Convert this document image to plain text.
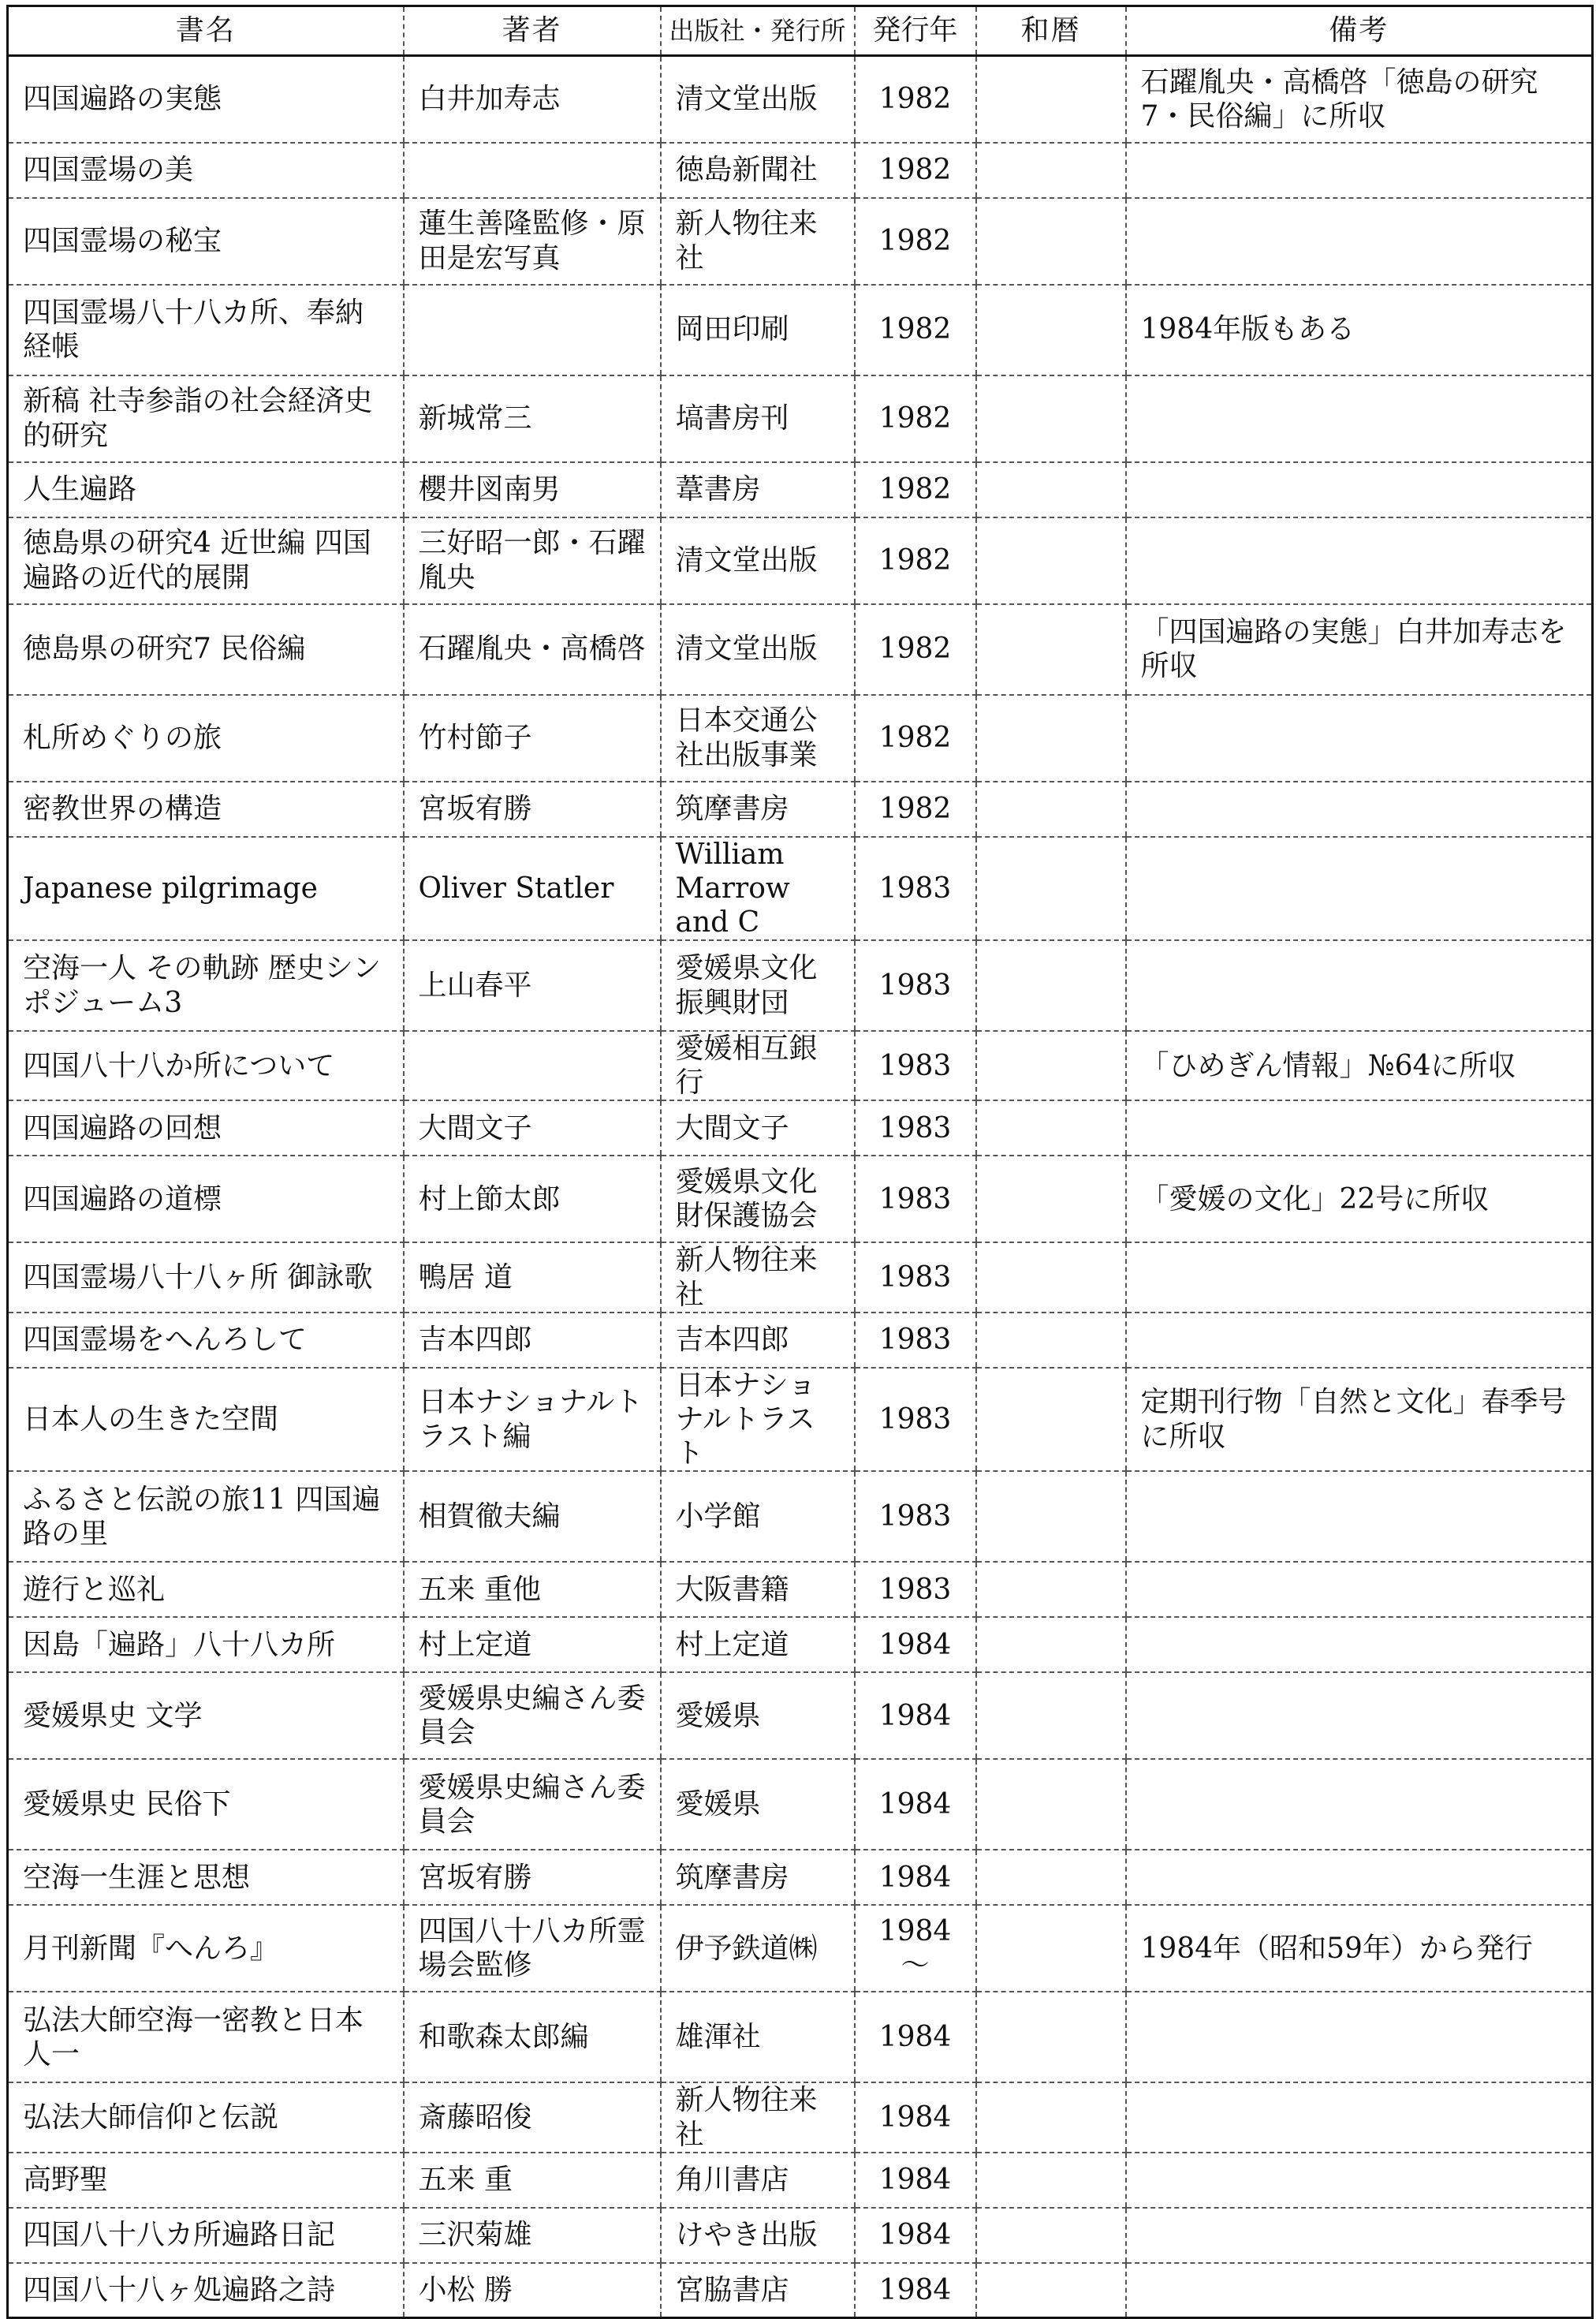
書名	著者	出版社・発行所	発行年	和暦	備考
四国遍路の実態	白井加寿志	清文堂出版	1982		石躍胤央・高橋啓「徳島の研究7・民俗編」に所収
四国霊場の美		徳島新聞社	1982		
四国霊場の秘宝	蓮生善隆監修・原田是宏写真	新人物往来社	1982		
四国霊場八十八カ所、奉納経帳		岡田印刷	1982		1984年版もある
新稿 社寺参詣の社会経済史的研究	新城常三	塙書房刊	1982		
人生遍路	櫻井図南男	葦書房	1982		
徳島県の研究4 近世編 四国遍路の近代的展開	三好昭一郎・石躍胤央	清文堂出版	1982		
徳島県の研究7 民俗編	石躍胤央・高橋啓	清文堂出版	1982		「四国遍路の実態」白井加寿志を所収
札所めぐりの旅	竹村節子	日本交通公社出版事業	1982		
密教世界の構造	宮坂宥勝	筑摩書房	1982		
Japanese pilgrimage	Oliver Statler	William Marrow and C	1983		
空海一人 その軌跡 歴史シンポジューム3	上山春平	愛媛県文化振興財団	1983		
四国八十八か所について		愛媛相互銀行	1983		「ひめぎん情報」№64に所収
四国遍路の回想	大間文子	大間文子	1983		
四国遍路の道標	村上節太郎	愛媛県文化財保護協会	1983		「愛媛の文化」22号に所収
四国霊場八十八ヶ所 御詠歌	鴨居 道	新人物往来社	1983		
四国霊場をへんろして	吉本四郎	吉本四郎	1983		
日本人の生きた空間	日本ナショナルトラスト編	日本ナショナルトラスト	1983		定期刊行物「自然と文化」春季号に所収
ふるさと伝説の旅11 四国遍路の里	相賀徹夫編	小学館	1983		
遊行と巡礼	五来 重他	大阪書籍	1983		
因島「遍路」八十八カ所	村上定道	村上定道	1984		
愛媛県史 文学	愛媛県史編さん委員会	愛媛県	1984		
愛媛県史 民俗下	愛媛県史編さん委員会	愛媛県	1984		
空海一生涯と思想	宮坂宥勝	筑摩書房	1984		
月刊新聞『へんろ』	四国八十八カ所霊場会監修	伊予鉄道㈱	1984～		1984年（昭和59年）から発行
弘法大師空海一密教と日本人一	和歌森太郎編	雄渾社	1984		
弘法大師信仰と伝説	斎藤昭俊	新人物往来社	1984		
高野聖	五来 重	角川書店	1984		
四国八十八カ所遍路日記	三沢菊雄	けやき出版	1984		
四国八十八ヶ処遍路之詩	小松 勝	宮脇書店	1984		
